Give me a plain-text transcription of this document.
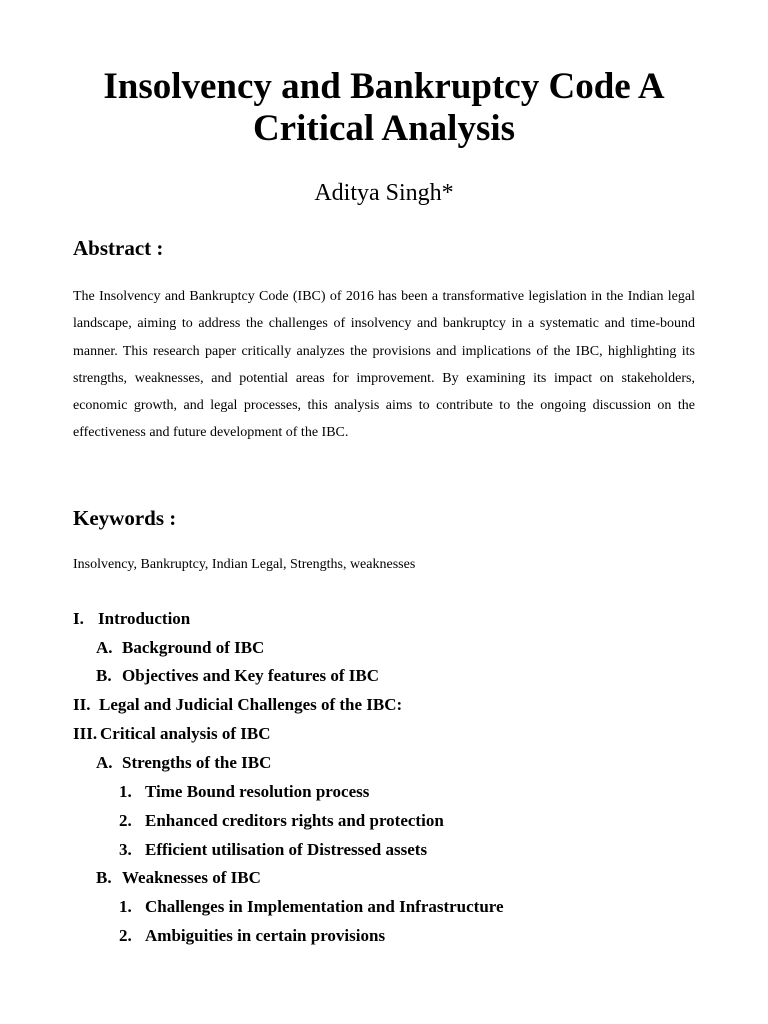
Insolvency and Bankruptcy Code A Critical Analysis
Aditya Singh*
Abstract :

The Insolvency and Bankruptcy Code (IBC) of 2016 has been a transformative legislation in the Indian legal landscape, aiming to address the challenges of insolvency and bankruptcy in a systematic and time-bound manner. This research paper critically analyzes the provisions and implications of the IBC, highlighting its strengths, weaknesses, and potential areas for improvement. By examining its impact on stakeholders, economic growth, and legal processes, this analysis aims to contribute to the ongoing discussion on the effectiveness and future development of the IBC.

Keywords :
Insolvency, Bankruptcy, Indian Legal, Strengths, weaknesses
I. Introduction
A. Background of IBC
B. Objectives and Key features of IBC
II. Legal and Judicial Challenges of the IBC:
III. Critical analysis of IBC
A. Strengths of the IBC
1. Time Bound resolution process
2. Enhanced creditors rights and protection
3. Efficient utilisation of Distressed assets
B. Weaknesses of IBC
1. Challenges in Implementation and Infrastructure
2. Ambiguities in certain provisions
